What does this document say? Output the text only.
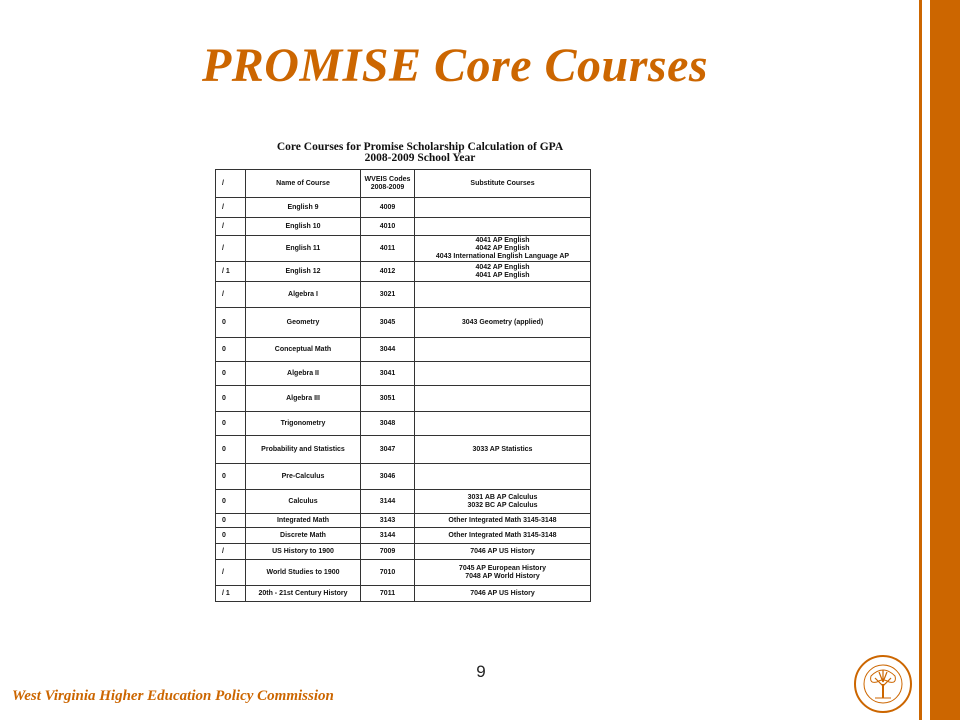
PROMISE Core Courses
Core Courses for Promise Scholarship Calculation of GPA
2008-2009 School Year
/	Name of Course	WVEIS Codes 2008-2009	Substitute Courses
/	English 9	4009	
/	English 10	4010	
/	English 11	4011	4041 AP English
4042 AP English
4043 International English Language AP

/ 1	English 12	4012	4042 AP English
4041 AP English

/	Algebra I	3021	
0	Geometry	3045	3043 Geometry (applied)

0	Conceptual Math	3044	
0	Algebra II	3041	
0	Algebra III	3051	
0	Trigonometry	3048	
0	Probability and Statistics	3047	3033 AP Statistics

0	Pre-Calculus	3046	
0	Calculus	3144	3031 AB AP Calculus
3032 BC AP Calculus

0	Integrated Math	3143	Other Integrated Math 3145-3148

0	Discrete Math	3144	Other Integrated Math 3145-3148

/	US History to 1900	7009	7046 AP US History

/	World Studies to 1900	7010	7045 AP European History
7048 AP World History

/ 1	20th - 21st Century History	7011	7046 AP US History
9
West Virginia Higher Education Policy Commission
